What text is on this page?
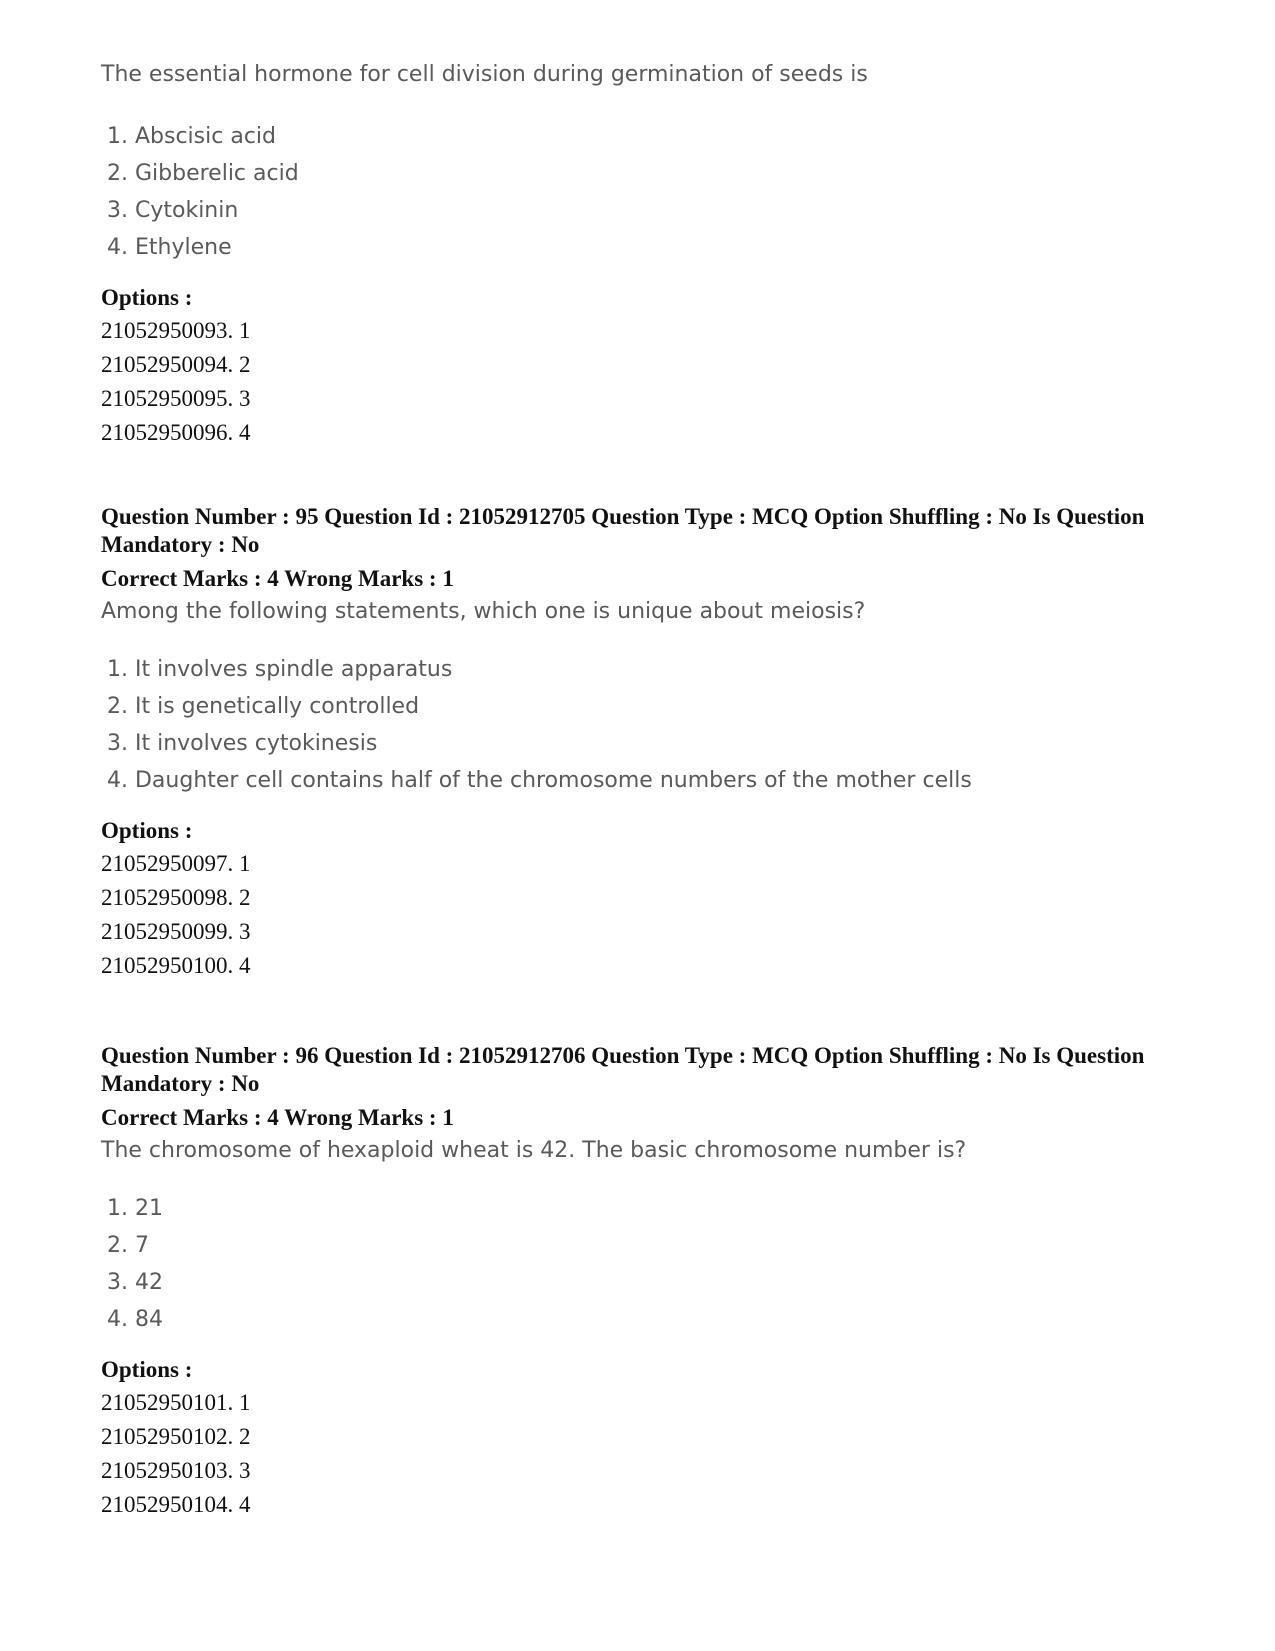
The essential hormone for cell division during germination of seeds is

1. Abscisic acid
2. Gibberelic acid
3. Cytokinin
4. Ethylene
Options :
21052950093. 1
21052950094. 2
21052950095. 3
21052950096. 4

Question Number : 95 Question Id : 21052912705 Question Type : MCQ Option Shuffling : No Is Question Mandatory : No

Correct Marks : 4 Wrong Marks : 1

Among the following statements, which one is unique about meiosis?

1. It involves spindle apparatus
2. It is genetically controlled
3. It involves cytokinesis
4. Daughter cell contains half of the chromosome numbers of the mother cells
Options :
21052950097. 1
21052950098. 2
21052950099. 3
21052950100. 4

Question Number : 96 Question Id : 21052912706 Question Type : MCQ Option Shuffling : No Is Question Mandatory : No

Correct Marks : 4 Wrong Marks : 1

The chromosome of hexaploid wheat is 42. The basic chromosome number is?

1. 21
2. 7
3. 42
4. 84
Options :
21052950101. 1
21052950102. 2
21052950103. 3
21052950104. 4
